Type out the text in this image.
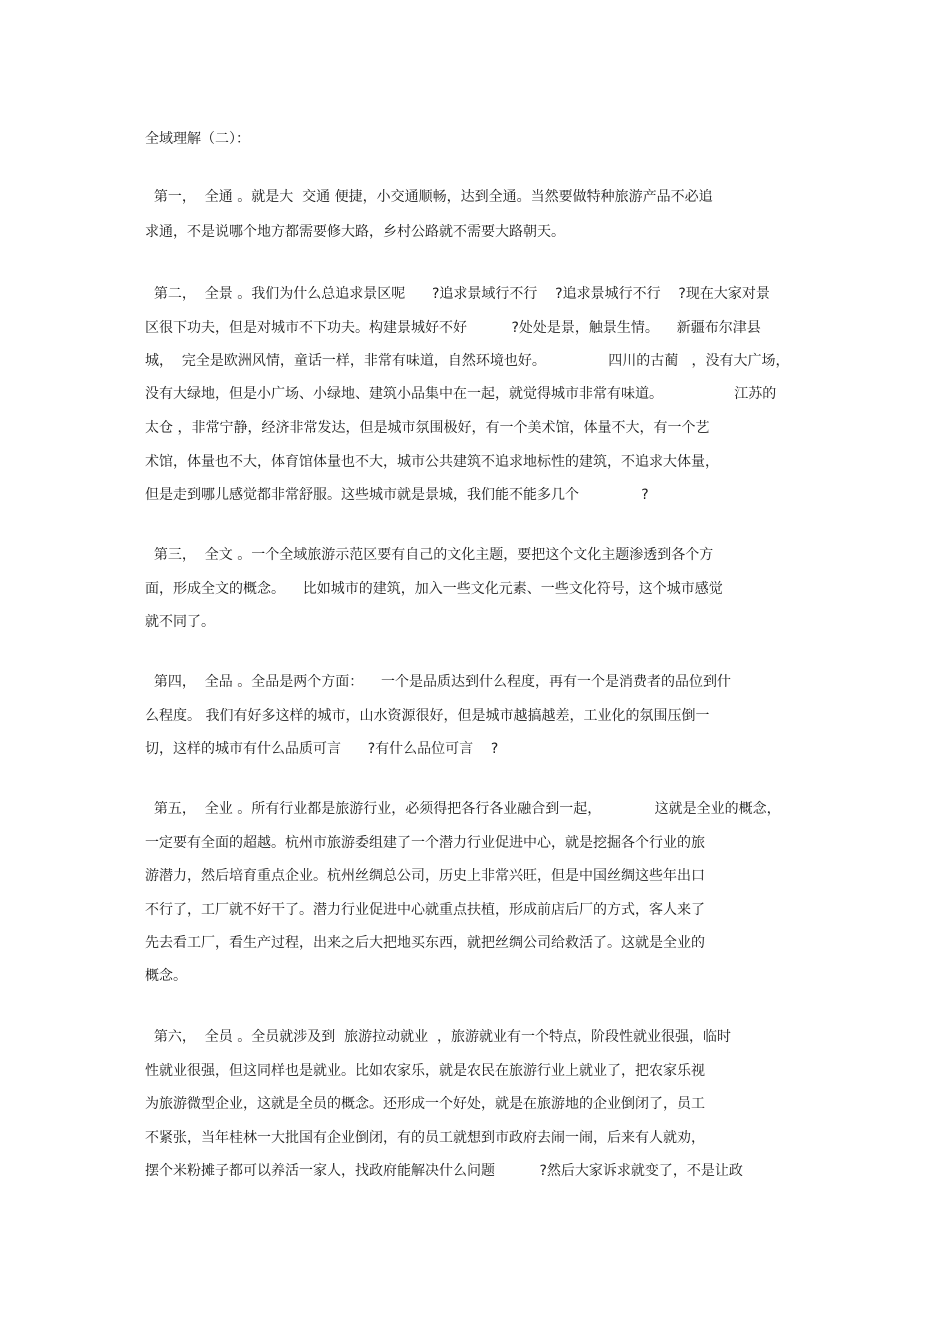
全域理解（二）：
第一，  全通 。就是大  交通 便捷，小交通顺畅，达到全通。当然要做特种旅游产品不必追
求通，不是说哪个地方都需要修大路，乡村公路就不需要大路朝天。
第二，  全景 。我们为什么总追求景区呢      ?追求景域行不行    ?追求景城行不行    ?现在大家对景
区很下功夫，但是对城市不下功夫。构建景城好不好          ?处处是景，触景生情。    新疆布尔津县
城，  完全是欧洲风情，童话一样，非常有味道，自然环境也好。              四川的古蔺   ，没有大广场，
没有大绿地，但是小广场、小绿地、建筑小品集中在一起，就觉得城市非常有味道。                江苏的
太仓 ，非常宁静，经济非常发达，但是城市氛围极好，有一个美术馆，体量不大，有一个艺
术馆，体量也不大，体育馆体量也不大，城市公共建筑不追求地标性的建筑，不追求大体量，
但是走到哪儿感觉都非常舒服。这些城市就是景城，我们能不能多几个              ?
第三，  全文 。一个全域旅游示范区要有自己的文化主题，要把这个文化主题渗透到各个方
面，形成全文的概念。    比如城市的建筑，加入一些文化元素、一些文化符号，这个城市感觉
就不同了。
第四，  全品 。全品是两个方面：    一个是品质达到什么程度，再有一个是消费者的品位到什
么程度。 我们有好多这样的城市，山水资源很好，但是城市越搞越差，工业化的氛围压倒一
切，这样的城市有什么品质可言      ?有什么品位可言    ?
第五，  全业 。所有行业都是旅游行业，必须得把各行各业融合到一起，            这就是全业的概念，
一定要有全面的超越。杭州市旅游委组建了一个潜力行业促进中心，就是挖掘各个行业的旅
游潜力，然后培育重点企业。杭州丝绸总公司，历史上非常兴旺，但是中国丝绸这些年出口
不行了，工厂就不好干了。潜力行业促进中心就重点扶植，形成前店后厂的方式，客人来了
先去看工厂，看生产过程，出来之后大把地买东西，就把丝绸公司给救活了。这就是全业的
概念。
第六，  全员 。全员就涉及到  旅游拉动就业  ，旅游就业有一个特点，阶段性就业很强，临时
性就业很强，但这同样也是就业。比如农家乐，就是农民在旅游行业上就业了，把农家乐视
为旅游微型企业，这就是全员的概念。还形成一个好处，就是在旅游地的企业倒闭了，员工
不紧张，当年桂林一大批国有企业倒闭，有的员工就想到市政府去闹一闹，后来有人就劝，
摆个米粉摊子都可以养活一家人，找政府能解决什么问题          ?然后大家诉求就变了，不是让政
